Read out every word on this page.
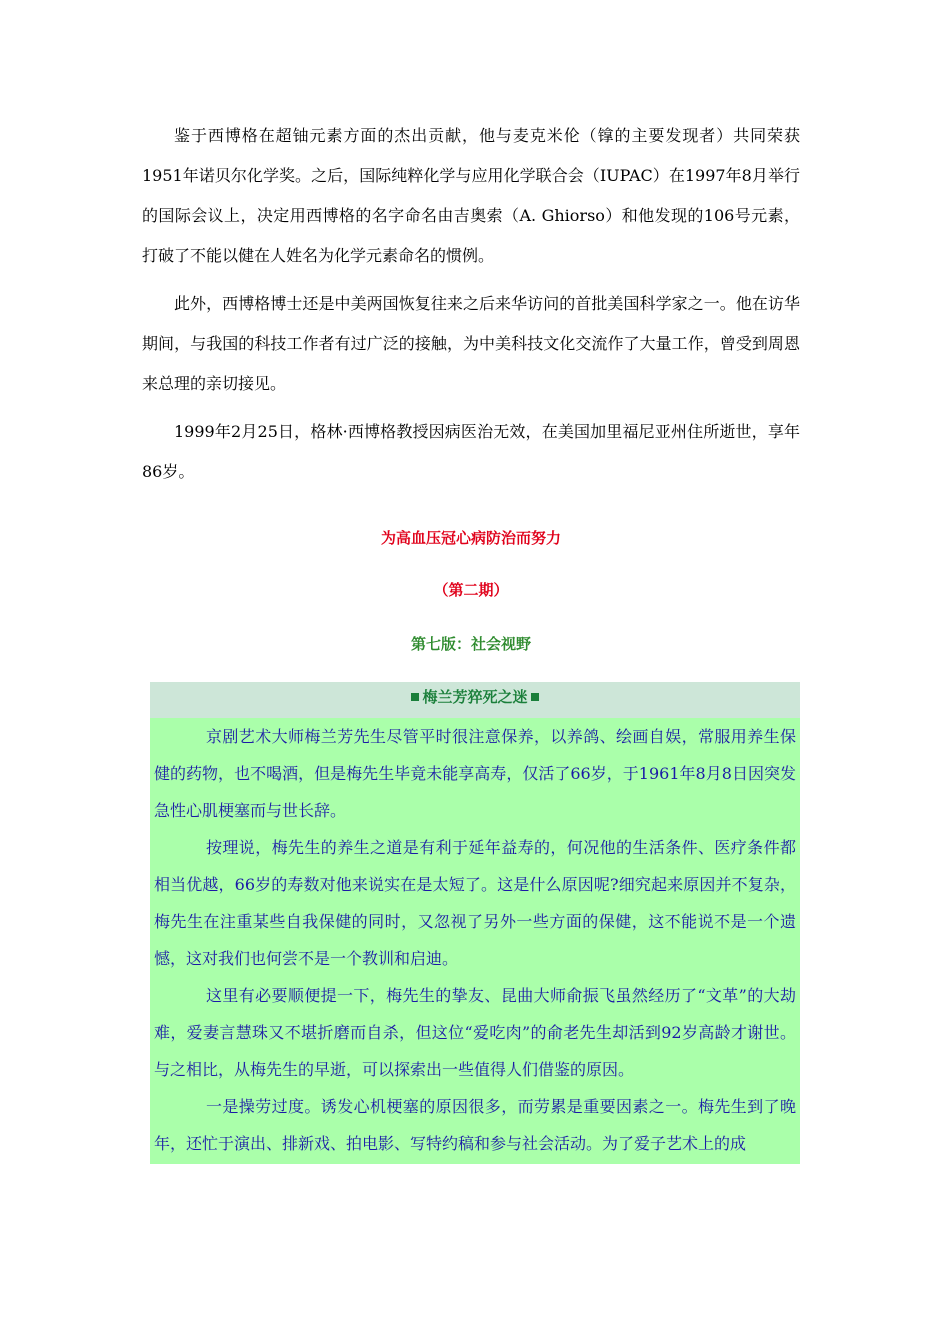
鉴于西博格在超铀元素方面的杰出贡献，他与麦克米伦（镎的主要发现者）共同荣获1951年诺贝尔化学奖。之后，国际纯粹化学与应用化学联合会（IUPAC）在1997年8月举行的国际会议上，决定用西博格的名字命名由吉奥索（A. Ghiorso）和他发现的106号元素，打破了不能以健在人姓名为化学元素命名的惯例。

此外，西博格博士还是中美两国恢复往来之后来华访问的首批美国科学家之一。他在访华期间，与我国的科技工作者有过广泛的接触，为中美科技文化交流作了大量工作，曾受到周恩来总理的亲切接见。

1999年2月25日，格林·西博格教授因病医治无效，在美国加里福尼亚州住所逝世，享年86岁。

为高血压冠心病防治而努力
（第二期）
第七版：社会视野
梅兰芳猝死之迷

京剧艺术大师梅兰芳先生尽管平时很注意保养，以养鸽、绘画自娱，常服用养生保健的药物，也不喝酒，但是梅先生毕竟未能享高寿，仅活了66岁，于1961年8月8日因突发急性心肌梗塞而与世长辞。

按理说，梅先生的养生之道是有利于延年益寿的，何况他的生活条件、医疗条件都相当优越，66岁的寿数对他来说实在是太短了。这是什么原因呢?细究起来原因并不复杂，梅先生在注重某些自我保健的同时，又忽视了另外一些方面的保健，这不能说不是一个遗憾，这对我们也何尝不是一个教训和启迪。

这里有必要顺便提一下，梅先生的挚友、昆曲大师俞振飞虽然经历了“文革”的大劫难，爱妻言慧珠又不堪折磨而自杀，但这位“爱吃肉”的俞老先生却活到92岁高龄才谢世。与之相比，从梅先生的早逝，可以探索出一些值得人们借鉴的原因。

一是操劳过度。诱发心机梗塞的原因很多，而劳累是重要因素之一。梅先生到了晚年，还忙于演出、排新戏、拍电影、写特约稿和参与社会活动。为了爱子艺术上的成
